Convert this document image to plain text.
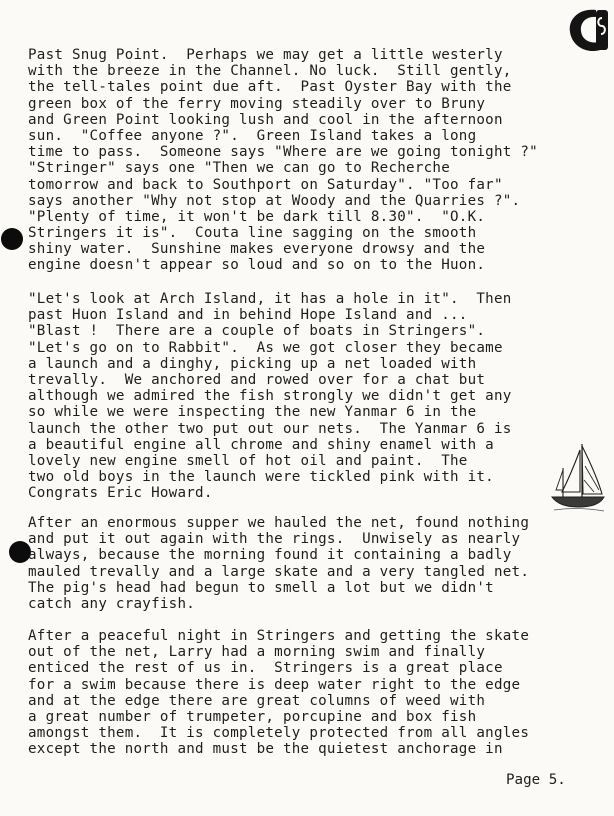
Past Snug Point.  Perhaps we may get a little westerly
with the breeze in the Channel. No luck.  Still gently,
the tell-tales point due aft.  Past Oyster Bay with the
green box of the ferry moving steadily over to Bruny
and Green Point looking lush and cool in the afternoon
sun.  "Coffee anyone ?".  Green Island takes a long
time to pass.  Someone says "Where are we going tonight ?"
"Stringer" says one "Then we can go to Recherche
tomorrow and back to Southport on Saturday". "Too far"
says another "Why not stop at Woody and the Quarries ?".
"Plenty of time, it won't be dark till 8.30".  "O.K.
Stringers it is".  Couta line sagging on the smooth
shiny water.  Sunshine makes everyone drowsy and the
engine doesn't appear so loud and so on to the Huon.
"Let's look at Arch Island, it has a hole in it".  Then
past Huon Island and in behind Hope Island and ...
"Blast !  There are a couple of boats in Stringers".
"Let's go on to Rabbit".  As we got closer they became
a launch and a dinghy, picking up a net loaded with
trevally.  We anchored and rowed over for a chat but
although we admired the fish strongly we didn't get any
so while we were inspecting the new Yanmar 6 in the
launch the other two put out our nets.  The Yanmar 6 is
a beautiful engine all chrome and shiny enamel with a
lovely new engine smell of hot oil and paint.  The
two old boys in the launch were tickled pink with it.
Congrats Eric Howard.
After an enormous supper we hauled the net, found nothing
and put it out again with the rings.  Unwisely as nearly
always, because the morning found it containing a badly
mauled trevally and a large skate and a very tangled net.
The pig's head had begun to smell a lot but we didn't
catch any crayfish.
After a peaceful night in Stringers and getting the skate
out of the net, Larry had a morning swim and finally
enticed the rest of us in.  Stringers is a great place
for a swim because there is deep water right to the edge
and at the edge there are great columns of weed with
a great number of trumpeter, porcupine and box fish
amongst them.  It is completely protected from all angles
except the north and must be the quietest anchorage in
Page 5.
